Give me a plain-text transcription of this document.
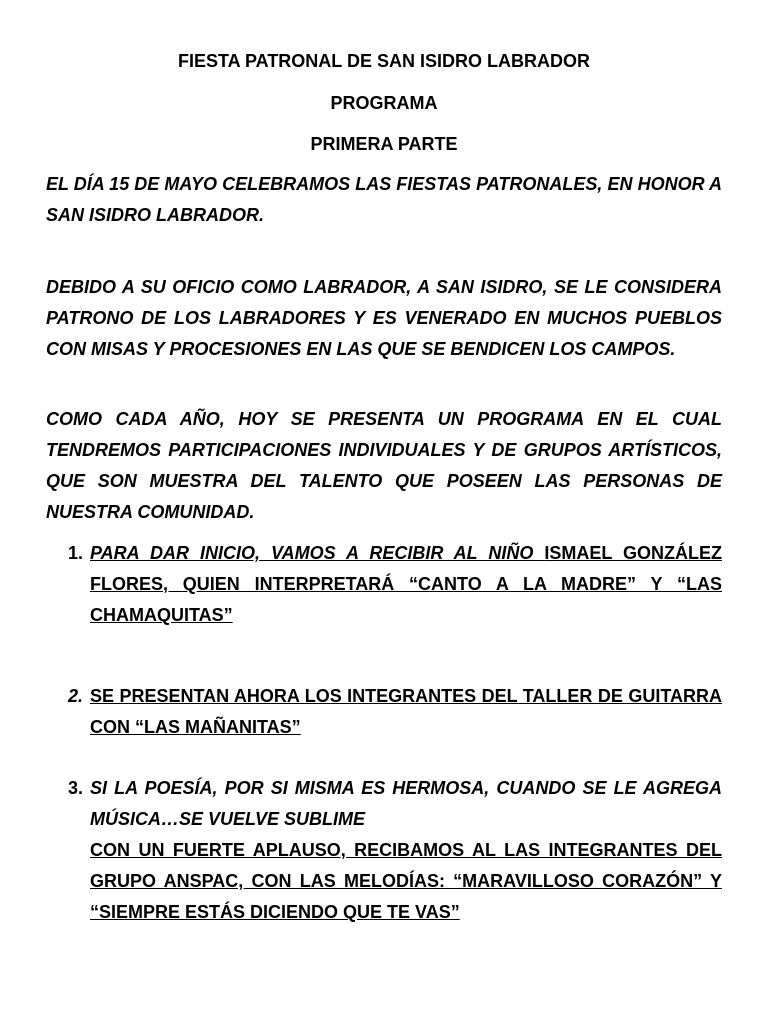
FIESTA PATRONAL DE SAN ISIDRO LABRADOR
PROGRAMA
PRIMERA PARTE
EL DÍA 15 DE MAYO CELEBRAMOS LAS FIESTAS PATRONALES, EN HONOR A SAN ISIDRO LABRADOR.
DEBIDO A SU OFICIO COMO LABRADOR, A SAN ISIDRO, SE LE CONSIDERA PATRONO DE LOS LABRADORES Y ES VENERADO EN MUCHOS PUEBLOS CON MISAS Y PROCESIONES EN LAS QUE SE BENDICEN LOS CAMPOS.
COMO CADA AÑO, HOY SE PRESENTA UN PROGRAMA EN EL CUAL TENDREMOS PARTICIPACIONES INDIVIDUALES Y DE GRUPOS ARTÍSTICOS, QUE SON MUESTRA DEL TALENTO QUE POSEEN LAS PERSONAS DE NUESTRA COMUNIDAD.
1. PARA DAR INICIO, VAMOS A RECIBIR AL NIÑO ISMAEL GONZÁLEZ FLORES, QUIEN INTERPRETARÁ “CANTO A LA MADRE” Y “LAS CHAMAQUITAS”
2. SE PRESENTAN AHORA LOS INTEGRANTES DEL TALLER DE GUITARRA CON “LAS MAÑANITAS”
3. SI LA POESÍA, POR SI MISMA ES HERMOSA, CUANDO SE LE AGREGA MÚSICA…SE VUELVE SUBLIME
CON UN FUERTE APLAUSO, RECIBAMOS AL LAS INTEGRANTES DEL GRUPO ANSPAC, CON LAS MELODÍAS: “MARAVILLOSO CORAZÓN” Y “SIEMPRE ESTÁS DICIENDO QUE TE VAS”
